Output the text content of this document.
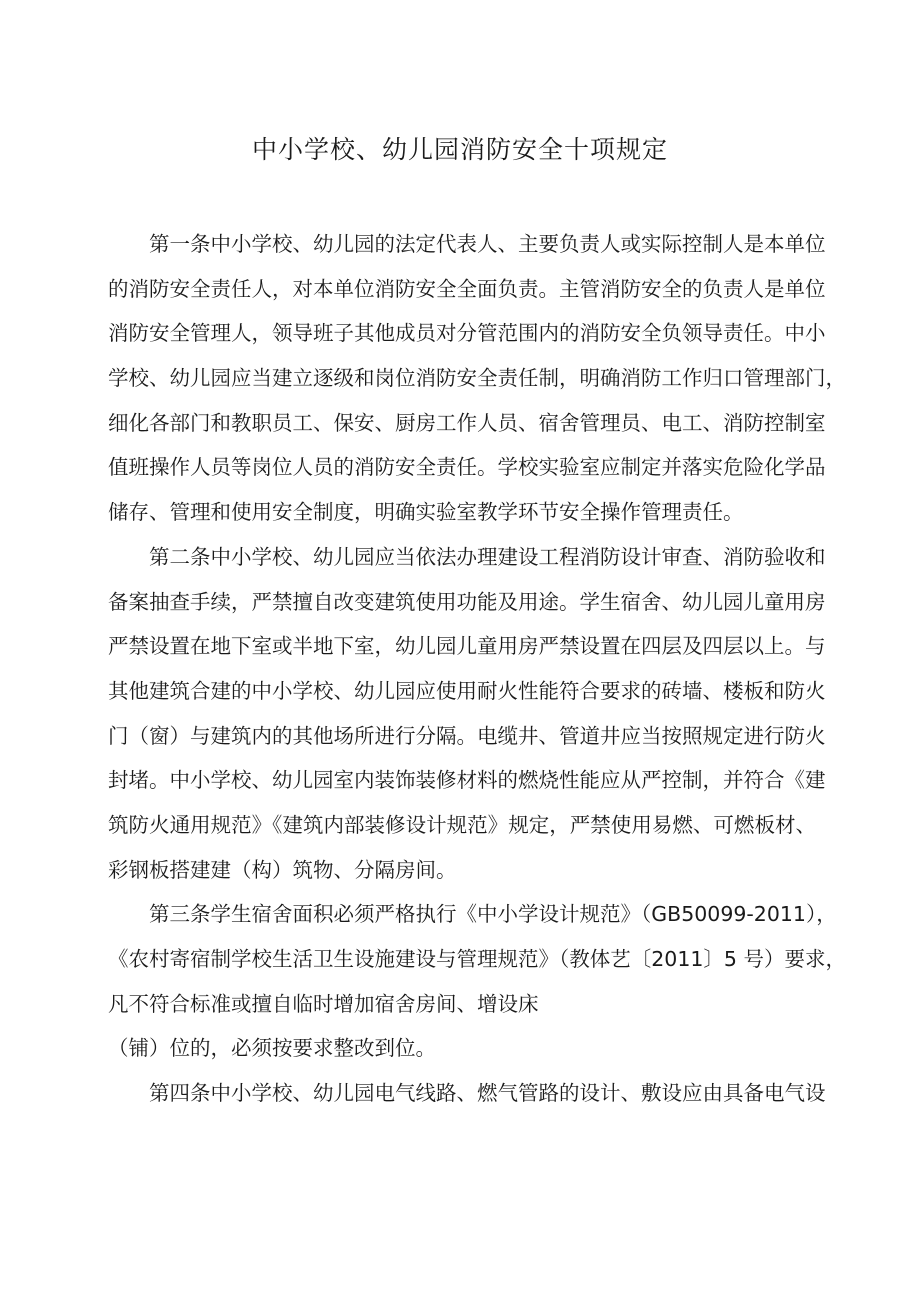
中小学校、幼儿园消防安全十项规定
第一条中小学校、幼儿园的法定代表人、主要负责人或实际控制人是本单位
的消防安全责任人，对本单位消防安全全面负责。主管消防安全的负责人是单位
消防安全管理人，领导班子其他成员对分管范围内的消防安全负领导责任。中小
学校、幼儿园应当建立逐级和岗位消防安全责任制，明确消防工作归口管理部门，
细化各部门和教职员工、保安、厨房工作人员、宿舍管理员、电工、消防控制室
值班操作人员等岗位人员的消防安全责任。学校实验室应制定并落实危险化学品
储存、管理和使用安全制度，明确实验室教学环节安全操作管理责任。
第二条中小学校、幼儿园应当依法办理建设工程消防设计审查、消防验收和
备案抽查手续，严禁擅自改变建筑使用功能及用途。学生宿舍、幼儿园儿童用房
严禁设置在地下室或半地下室，幼儿园儿童用房严禁设置在四层及四层以上。与
其他建筑合建的中小学校、幼儿园应使用耐火性能符合要求的砖墙、楼板和防火
门（窗）与建筑内的其他场所进行分隔。电缆井、管道井应当按照规定进行防火
封堵。中小学校、幼儿园室内装饰装修材料的燃烧性能应从严控制，并符合《建
筑防火通用规范》《建筑内部装修设计规范》规定，严禁使用易燃、可燃板材、
彩钢板搭建建（构）筑物、分隔房间。
第三条学生宿舍面积必须严格执行《中小学设计规范》（GB50099-2011），
《农村寄宿制学校生活卫生设施建设与管理规范》（教体艺〔2011〕5 号）要求，
凡不符合标准或擅自临时增加宿舍房间、增设床
（铺）位的，必须按要求整改到位。
第四条中小学校、幼儿园电气线路、燃气管路的设计、敷设应由具备电气设
